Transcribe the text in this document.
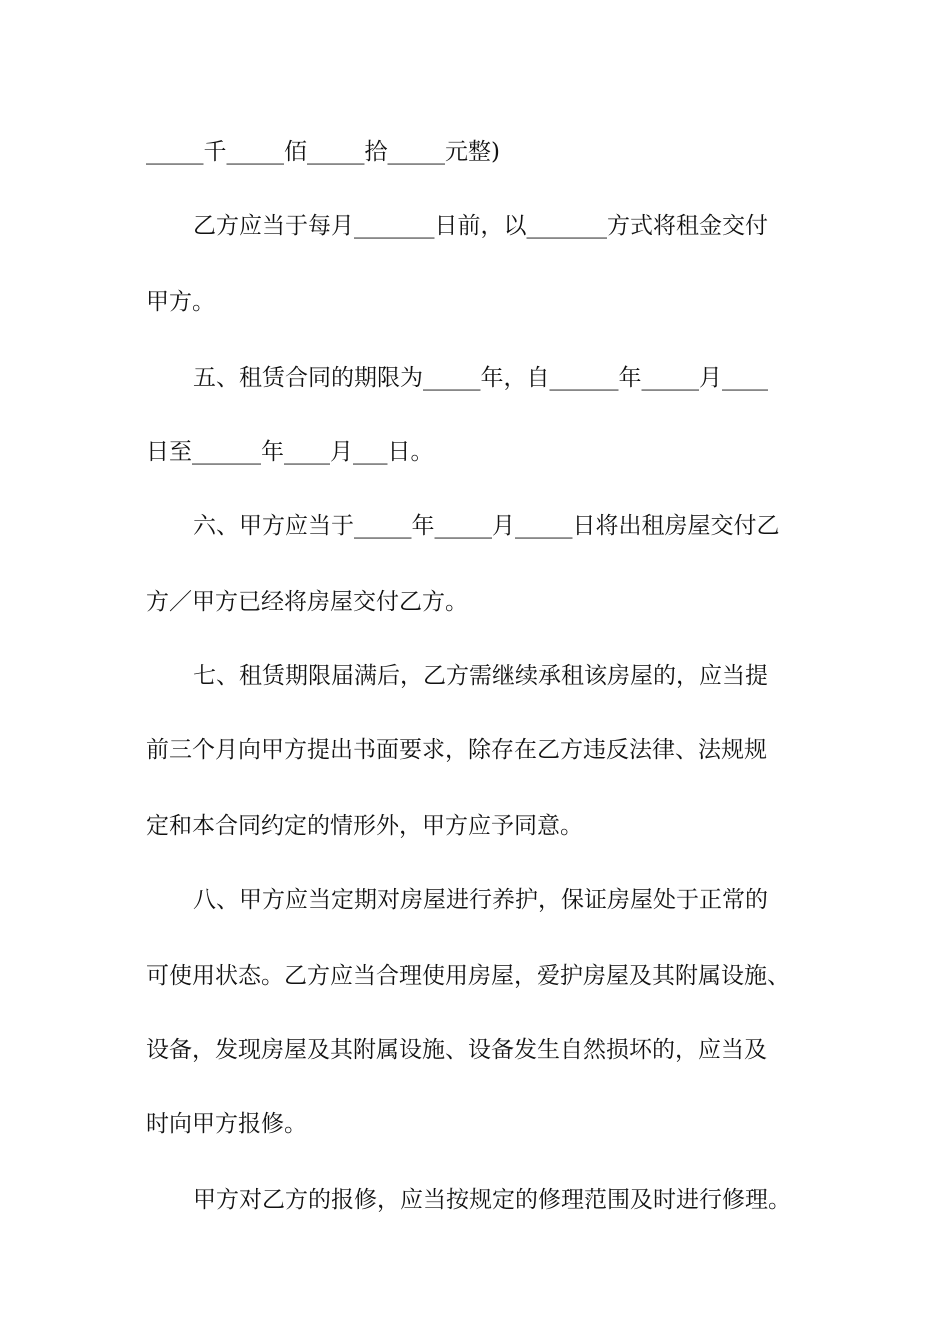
_____千_____佰_____拾_____元整)
乙方应当于每月_______日前，以_______方式将租金交付
甲方。
五、租赁合同的期限为_____年，自______年_____月____
日至______年____月___日。
六、甲方应当于_____年_____月_____日将出租房屋交付乙
方／甲方已经将房屋交付乙方。
七、租赁期限届满后，乙方需继续承租该房屋的，应当提
前三个月向甲方提出书面要求，除存在乙方违反法律、法规规
定和本合同约定的情形外，甲方应予同意。
八、甲方应当定期对房屋进行养护，保证房屋处于正常的
可使用状态。乙方应当合理使用房屋，爱护房屋及其附属设施、
设备，发现房屋及其附属设施、设备发生自然损坏的，应当及
时向甲方报修。
甲方对乙方的报修，应当按规定的修理范围及时进行修理。
